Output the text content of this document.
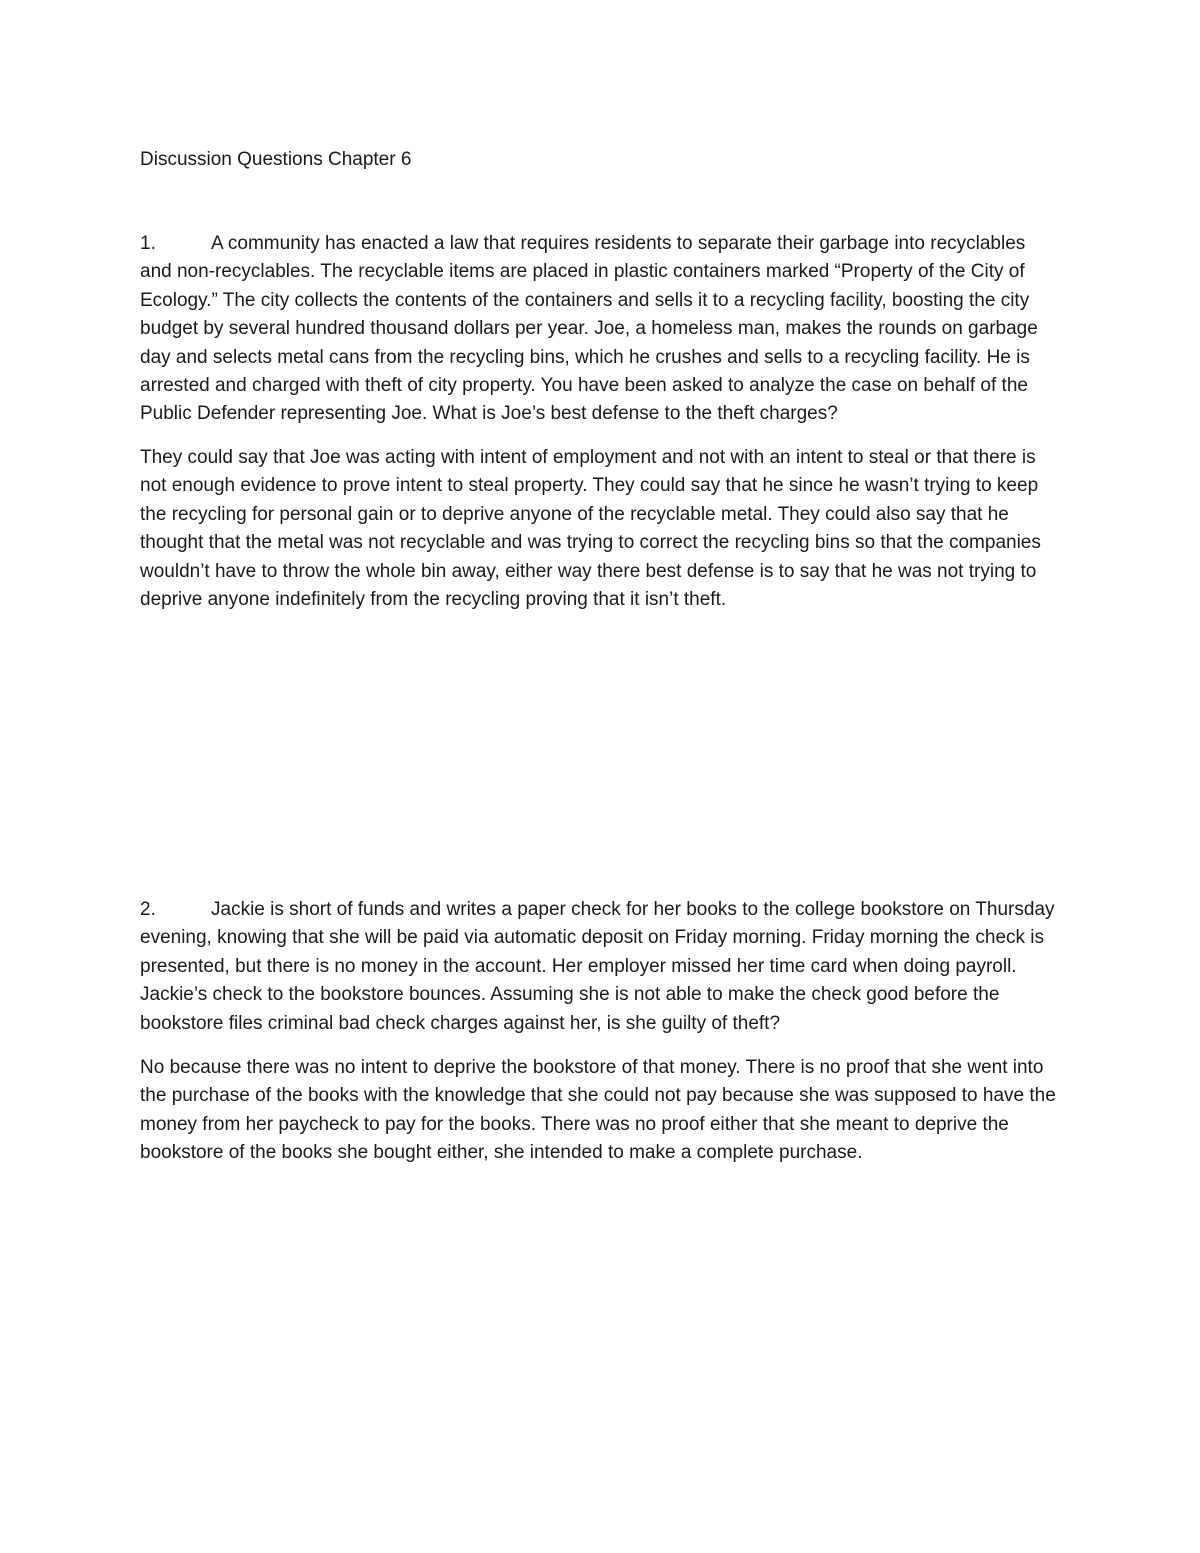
Discussion Questions Chapter 6

1.	A community has enacted a law that requires residents to separate their garbage into recyclables and non-recyclables. The recyclable items are placed in plastic containers marked “Property of the City of Ecology.” The city collects the contents of the containers and sells it to a recycling facility, boosting the city budget by several hundred thousand dollars per year. Joe, a homeless man, makes the rounds on garbage day and selects metal cans from the recycling bins, which he crushes and sells to a recycling facility. He is arrested and charged with theft of city property. You have been asked to analyze the case on behalf of the Public Defender representing Joe. What is Joe’s best defense to the theft charges?

They could say that Joe was acting with intent of employment and not with an intent to steal or that there is not enough evidence to prove intent to steal property. They could say that he since he wasn’t trying to keep the recycling for personal gain or to deprive anyone of the recyclable metal. They could also say that he thought that the metal was not recyclable and was trying to correct the recycling bins so that the companies wouldn’t have to throw the whole bin away, either way there best defense is to say that he was not trying to deprive anyone indefinitely from the recycling proving that it isn’t theft.

2.	Jackie is short of funds and writes a paper check for her books to the college bookstore on Thursday evening, knowing that she will be paid via automatic deposit on Friday morning. Friday morning the check is presented, but there is no money in the account. Her employer missed her time card when doing payroll. Jackie’s check to the bookstore bounces. Assuming she is not able to make the check good before the bookstore files criminal bad check charges against her, is she guilty of theft?

No because there was no intent to deprive the bookstore of that money. There is no proof that she went into the purchase of the books with the knowledge that she could not pay because she was supposed to have the money from her paycheck to pay for the books. There was no proof either that she meant to deprive the bookstore of the books she bought either, she intended to make a complete purchase.
